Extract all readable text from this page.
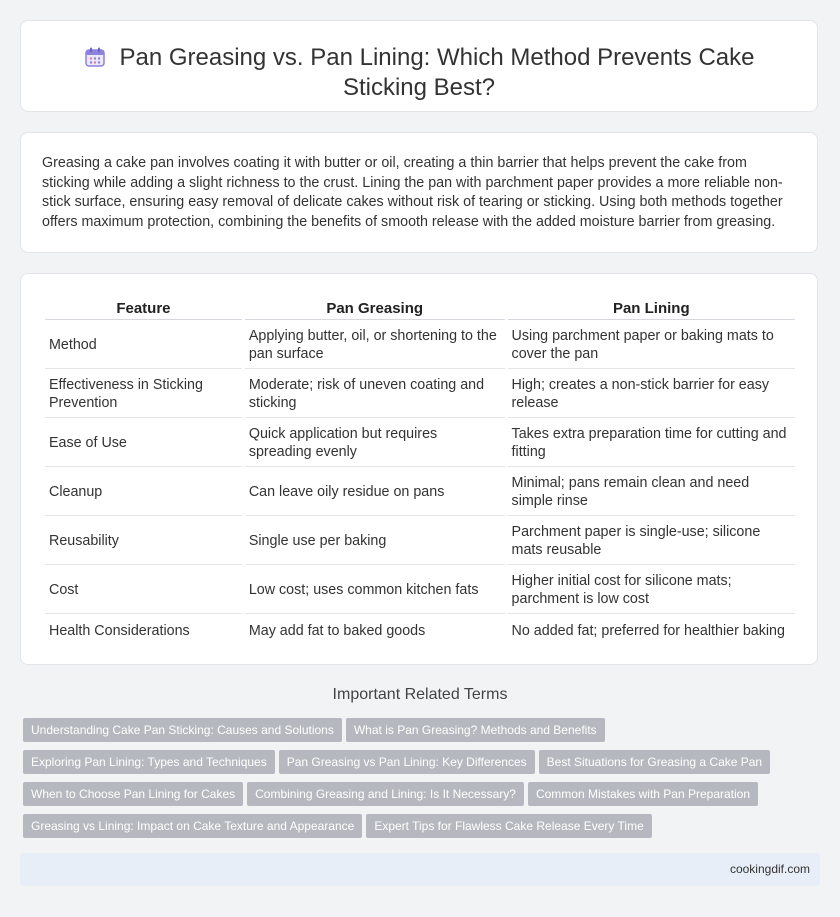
Pan Greasing vs. Pan Lining: Which Method Prevents Cake Sticking Best?

Greasing a cake pan involves coating it with butter or oil, creating a thin barrier that helps prevent the cake from sticking while adding a slight richness to the crust. Lining the pan with parchment paper provides a more reliable non-stick surface, ensuring easy removal of delicate cakes without risk of tearing or sticking. Using both methods together offers maximum protection, combining the benefits of smooth release with the added moisture barrier from greasing.

Feature	Pan Greasing	Pan Lining
Method	Applying butter, oil, or shortening to the pan surface	Using parchment paper or baking mats to cover the pan
Effectiveness in Sticking Prevention	Moderate; risk of uneven coating and sticking	High; creates a non-stick barrier for easy release
Ease of Use	Quick application but requires spreading evenly	Takes extra preparation time for cutting and fitting
Cleanup	Can leave oily residue on pans	Minimal; pans remain clean and need simple rinse
Reusability	Single use per baking	Parchment paper is single-use; silicone mats reusable
Cost	Low cost; uses common kitchen fats	Higher initial cost for silicone mats; parchment is low cost
Health Considerations	May add fat to baked goods	No added fat; preferred for healthier baking
Important Related Terms
Understanding Cake Pan Sticking: Causes and Solutions What is Pan Greasing? Methods and Benefits
Exploring Pan Lining: Types and Techniques Pan Greasing vs Pan Lining: Key Differences Best Situations for Greasing a Cake Pan
When to Choose Pan Lining for Cakes Combining Greasing and Lining: Is It Necessary? Common Mistakes with Pan Preparation
Greasing vs Lining: Impact on Cake Texture and Appearance Expert Tips for Flawless Cake Release Every Time
cookingdif.com
